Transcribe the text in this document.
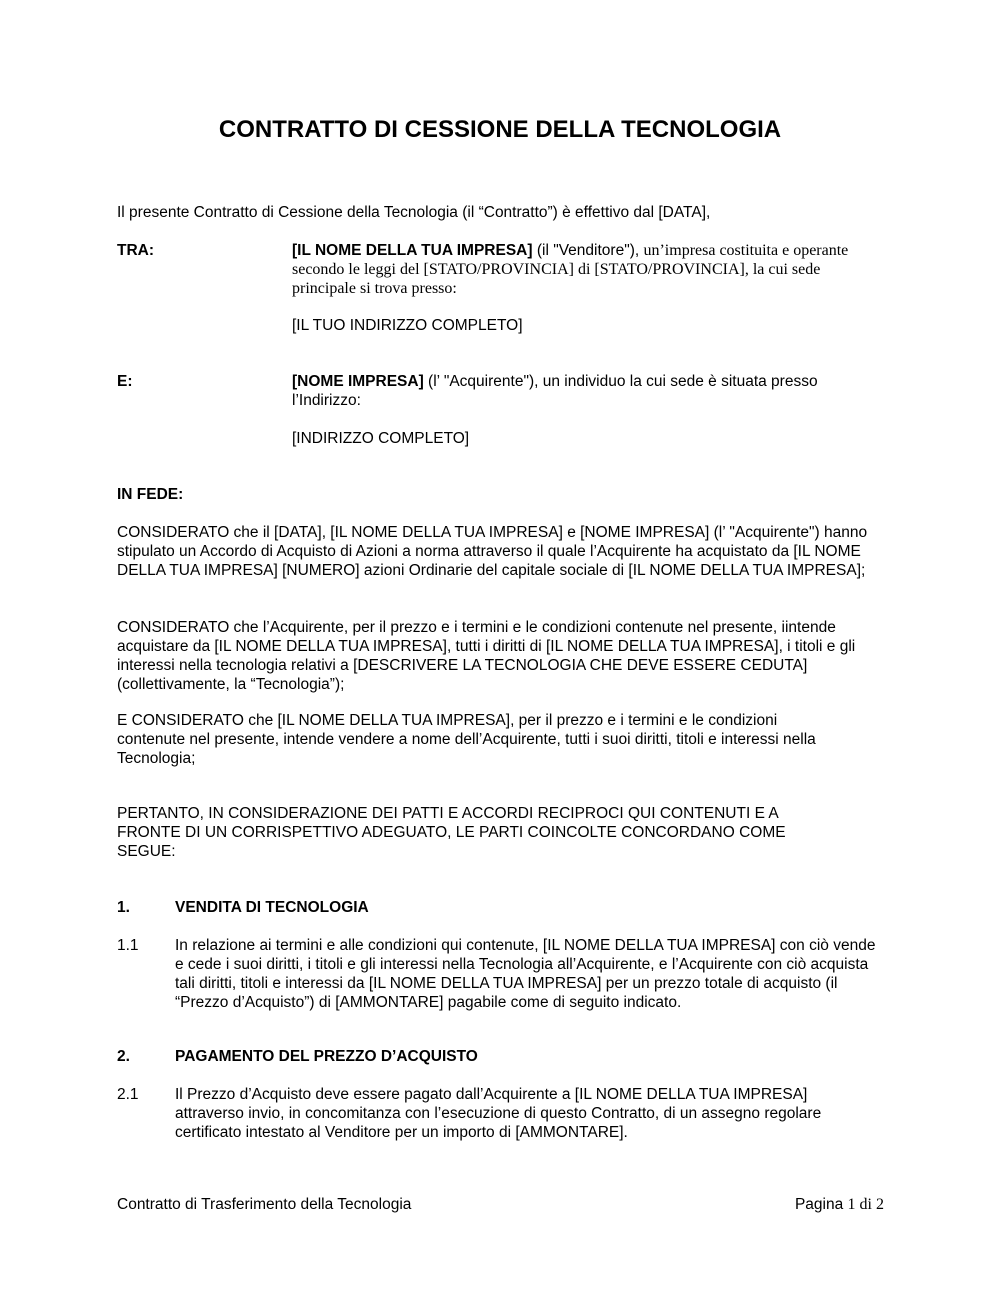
CONTRATTO DI CESSIONE DELLA TECNOLOGIA
Il presente Contratto di Cessione della Tecnologia (il “Contratto”) è effettivo dal [DATA],
TRA:	[IL NOME DELLA TUA IMPRESA] (il "Venditore"), un’impresa costituita e operante secondo le leggi del [STATO/PROVINCIA] di [STATO/PROVINCIA], la cui sede principale si trova presso:
[IL TUO INDIRIZZO COMPLETO]
E:	[NOME IMPRESA] (l’ "Acquirente"), un individuo la cui sede è situata presso l’Indirizzo:
[INDIRIZZO COMPLETO]
IN FEDE:
CONSIDERATO che il [DATA], [IL NOME DELLA TUA IMPRESA] e [NOME IMPRESA] (l’ "Acquirente") hanno stipulato un Accordo di Acquisto di Azioni a norma attraverso il quale l’Acquirente ha acquistato da [IL NOME DELLA TUA IMPRESA] [NUMERO] azioni Ordinarie del capitale sociale di [IL NOME DELLA TUA IMPRESA];
CONSIDERATO che l’Acquirente, per il prezzo e i termini e le condizioni contenute nel presente, iintende acquistare da [IL NOME DELLA TUA IMPRESA], tutti i diritti di [IL NOME DELLA TUA IMPRESA], i titoli e gli interessi nella tecnologia relativi a [DESCRIVERE LA TECNOLOGIA CHE DEVE ESSERE CEDUTA] (collettivamente, la “Tecnologia”);
E CONSIDERATO che [IL NOME DELLA TUA IMPRESA], per il prezzo e i termini e le condizioni contenute nel presente, intende vendere a nome dell’Acquirente, tutti i suoi diritti, titoli e interessi nella Tecnologia;
PERTANTO, IN CONSIDERAZIONE DEI PATTI E ACCORDI RECIPROCI QUI CONTENUTI E A FRONTE DI UN CORRISPETTIVO ADEGUATO, LE PARTI COINCOLTE CONCORDANO COME SEGUE:
1.	VENDITA DI TECNOLOGIA
1.1 In relazione ai termini e alle condizioni qui contenute, [IL NOME DELLA TUA IMPRESA] con ciò vende e cede i suoi diritti, i titoli e gli interessi nella Tecnologia all’Acquirente, e l’Acquirente con ciò acquista tali diritti, titoli e interessi da [IL NOME DELLA TUA IMPRESA] per un prezzo totale di acquisto (il “Prezzo d’Acquisto”) di [AMMONTARE] pagabile come di seguito indicato.
2.	PAGAMENTO DEL PREZZO D’ACQUISTO
2.1 Il Prezzo d’Acquisto deve essere pagato dall’Acquirente a [IL NOME DELLA TUA IMPRESA] attraverso invio, in concomitanza con l’esecuzione di questo Contratto, di un assegno regolare certificato intestato al Venditore per un importo di [AMMONTARE].
Contratto di Trasferimento della Tecnologia	Pagina 1 di 2
